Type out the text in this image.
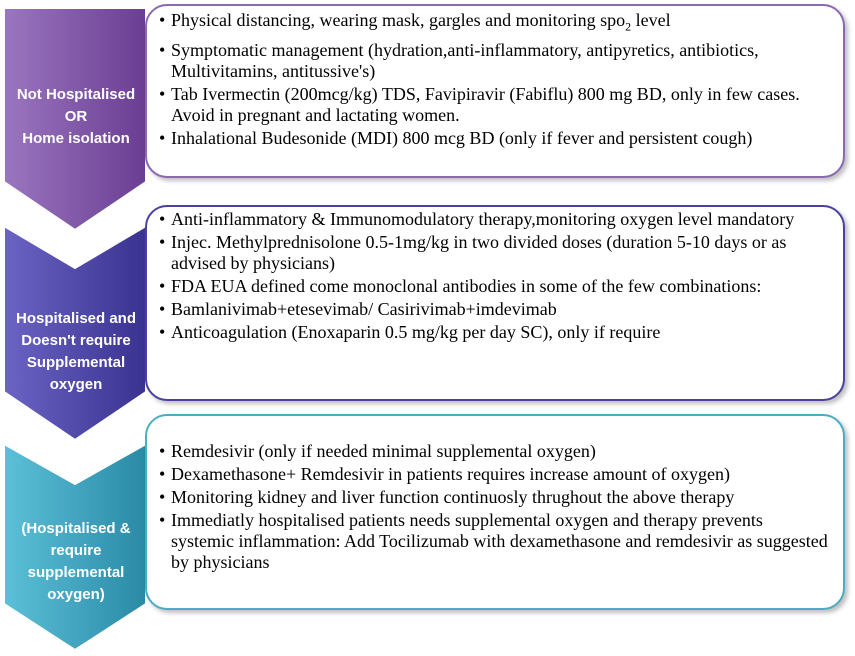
Not Hospitalised
OR
Home isolation
• Physical distancing, wearing mask, gargles and monitoring spo$_2$ level
• Symptomatic management (hydration,anti-inflammatory, antipyretics, antibiotics, Multivitamins, antitussive's)
• Tab Ivermectin (200mcg/kg) TDS, Favipiravir (Fabiflu) 800 mg BD, only in few cases. Avoid in pregnant and lactating women.
• Inhalational Budesonide (MDI) 800 mcg BD (only if fever and persistent cough)
Hospitalised and
Doesn't require
Supplemental
oxygen
• Anti-inflammatory & Immunomodulatory therapy,monitoring oxygen level mandatory
• Injec. Methylprednisolone 0.5-1mg/kg in two divided doses (duration 5-10 days or as advised by physicians)
• FDA EUA defined come monoclonal antibodies in some of the few combinations:
• Bamlanivimab+etesevimab/ Casirivimab+imdevimab
• Anticoagulation (Enoxaparin 0.5 mg/kg per day SC), only if require
(Hospitalised &
require
supplemental
oxygen)
• Remdesivir (only if needed minimal supplemental oxygen)
• Dexamethasone+ Remdesivir in patients requires increase amount of oxygen)
• Monitoring kidney and liver function continuosly thrughout the above therapy
• Immediatly hospitalised patients needs supplemental oxygen and therapy prevents systemic inflammation: Add Tocilizumab with dexamethasone and remdesivir as suggested by physicians
